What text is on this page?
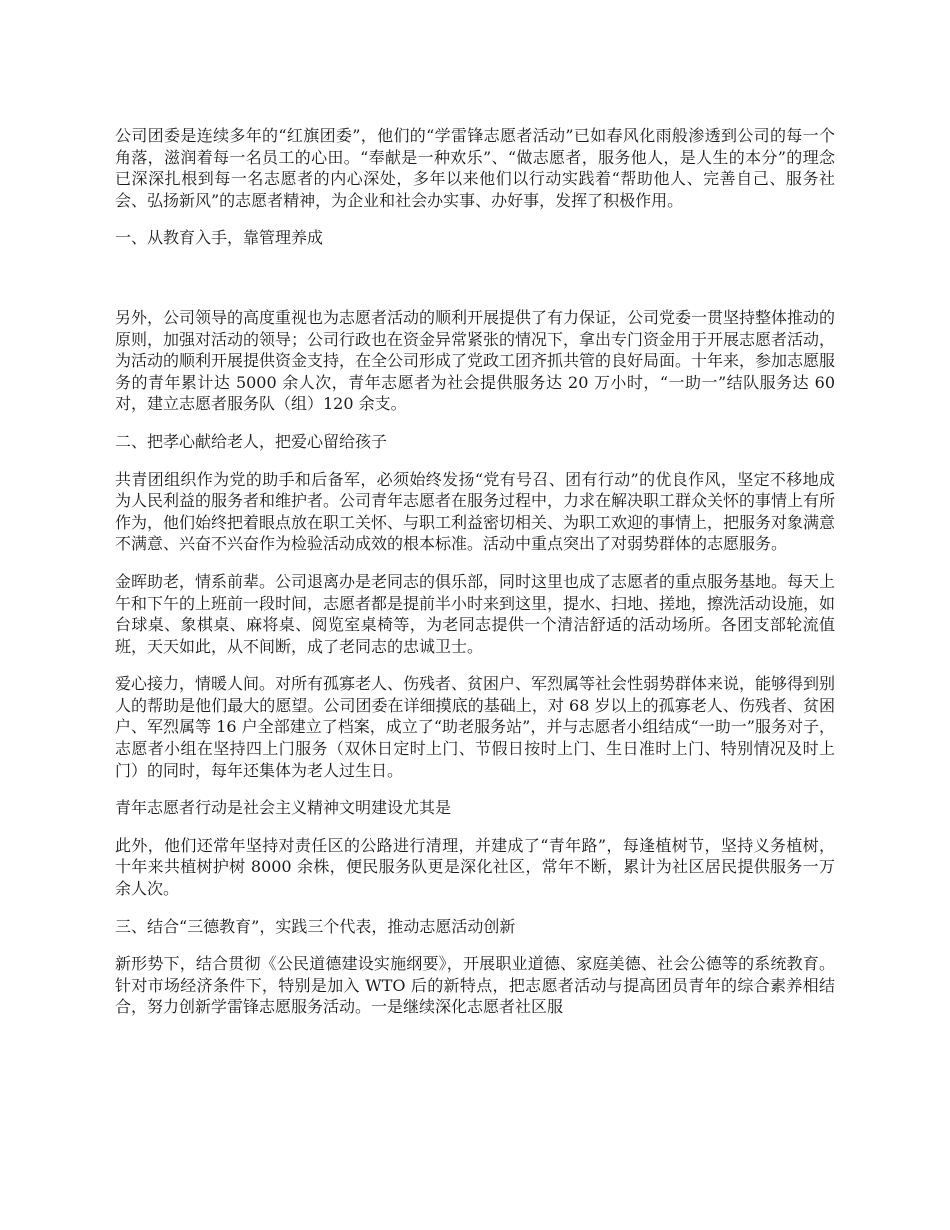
公司团委是连续多年的“红旗团委”，他们的“学雷锋志愿者活动”已如春风化雨般渗透到公司的每一个角落，滋润着每一名员工的心田。“奉献是一种欢乐”、“做志愿者，服务他人，是人生的本分”的理念已深深扎根到每一名志愿者的内心深处，多年以来他们以行动实践着“帮助他人、完善自己、服务社会、弘扬新风”的志愿者精神，为企业和社会办实事、办好事，发挥了积极作用。

一、从教育入手，靠管理养成

另外，公司领导的高度重视也为志愿者活动的顺利开展提供了有力保证，公司党委一贯坚持整体推动的原则，加强对活动的领导；公司行政也在资金异常紧张的情况下，拿出专门资金用于开展志愿者活动，为活动的顺利开展提供资金支持，在全公司形成了党政工团齐抓共管的良好局面。十年来，参加志愿服务的青年累计达 5000 余人次，青年志愿者为社会提供服务达 20 万小时，“一助一”结队服务达 60 对，建立志愿者服务队（组）120 余支。

二、把孝心献给老人，把爱心留给孩子

共青团组织作为党的助手和后备军，必须始终发扬“党有号召、团有行动”的优良作风，坚定不移地成为人民利益的服务者和维护者。公司青年志愿者在服务过程中，力求在解决职工群众关怀的事情上有所作为，他们始终把着眼点放在职工关怀、与职工利益密切相关、为职工欢迎的事情上，把服务对象满意不满意、兴奋不兴奋作为检验活动成效的根本标准。活动中重点突出了对弱势群体的志愿服务。

金晖助老，情系前辈。公司退离办是老同志的俱乐部，同时这里也成了志愿者的重点服务基地。每天上午和下午的上班前一段时间，志愿者都是提前半小时来到这里，提水、扫地、搓地，擦洗活动设施，如台球桌、象棋桌、麻将桌、阅览室桌椅等，为老同志提供一个清洁舒适的活动场所。各团支部轮流值班，天天如此，从不间断，成了老同志的忠诚卫士。

爱心接力，情暖人间。对所有孤寡老人、伤残者、贫困户、军烈属等社会性弱势群体来说，能够得到别人的帮助是他们最大的愿望。公司团委在详细摸底的基础上，对 68 岁以上的孤寡老人、伤残者、贫困户、军烈属等 16 户全部建立了档案，成立了“助老服务站”，并与志愿者小组结成“一助一”服务对子，志愿者小组在坚持四上门服务（双休日定时上门、节假日按时上门、生日准时上门、特别情况及时上门）的同时，每年还集体为老人过生日。

青年志愿者行动是社会主义精神文明建设尤其是

此外，他们还常年坚持对责任区的公路进行清理，并建成了“青年路”，每逢植树节，坚持义务植树，十年来共植树护树 8000 余株，便民服务队更是深化社区，常年不断，累计为社区居民提供服务一万余人次。

三、结合“三德教育”，实践三个代表，推动志愿活动创新

新形势下，结合贯彻《公民道德建设实施纲要》，开展职业道德、家庭美德、社会公德等的系统教育。针对市场经济条件下，特别是加入 WTO 后的新特点，把志愿者活动与提高团员青年的综合素养相结合，努力创新学雷锋志愿服务活动。一是继续深化志愿者社区服
